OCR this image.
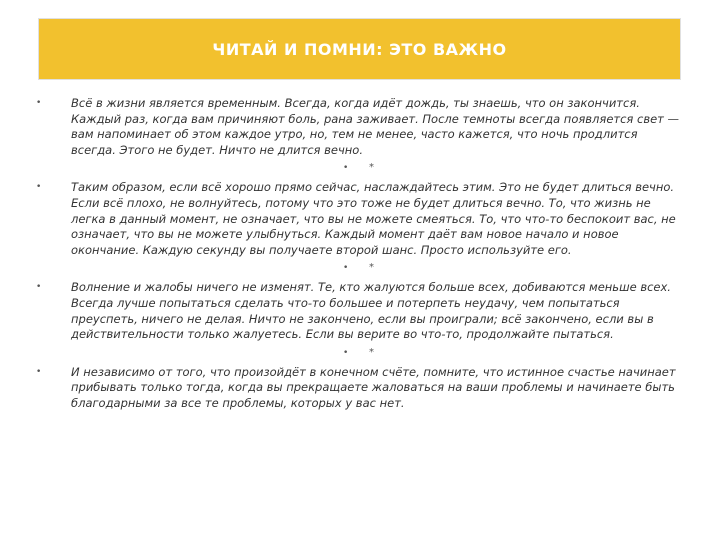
ЧИТАЙ И ПОМНИ: ЭТО ВАЖНО
•	Всё в жизни является временным. Всегда, когда идёт дождь, ты знаешь, что он закончится. Каждый раз, когда вам причиняют боль, рана заживает. После темноты всегда появляется свет — вам напоминает об этом каждое утро, но, тем не менее, часто кажется, что ночь продлится всегда. Этого не будет. Ничто не длится вечно.

• *
•	Таким образом, если всё хорошо прямо сейчас, наслаждайтесь этим. Это не будет длиться вечно. Если всё плохо, не волнуйтесь, потому что это тоже не будет длиться вечно. То, что жизнь не легка в данный момент, не означает, что вы не можете смеяться. То, что что-то беспокоит вас, не означает, что вы не можете улыбнуться. Каждый момент даёт вам новое начало и новое окончание. Каждую секунду вы получаете второй шанс. Просто используйте его.

• *
•	Волнение и жалобы ничего не изменят. Те, кто жалуются больше всех, добиваются меньше всех. Всегда лучше попытаться сделать что-то большее и потерпеть неудачу, чем попытаться преуспеть, ничего не делая. Ничто не закончено, если вы проиграли; всё закончено, если вы в действительности только жалуетесь. Если вы верите во что-то, продолжайте пытаться.

• *
•	И независимо от того, что произойдёт в конечном счёте, помните, что истинное счастье начинает прибывать только тогда, когда вы прекращаете жаловаться на ваши проблемы и начинаете быть благодарными за все те проблемы, которых у вас нет.
